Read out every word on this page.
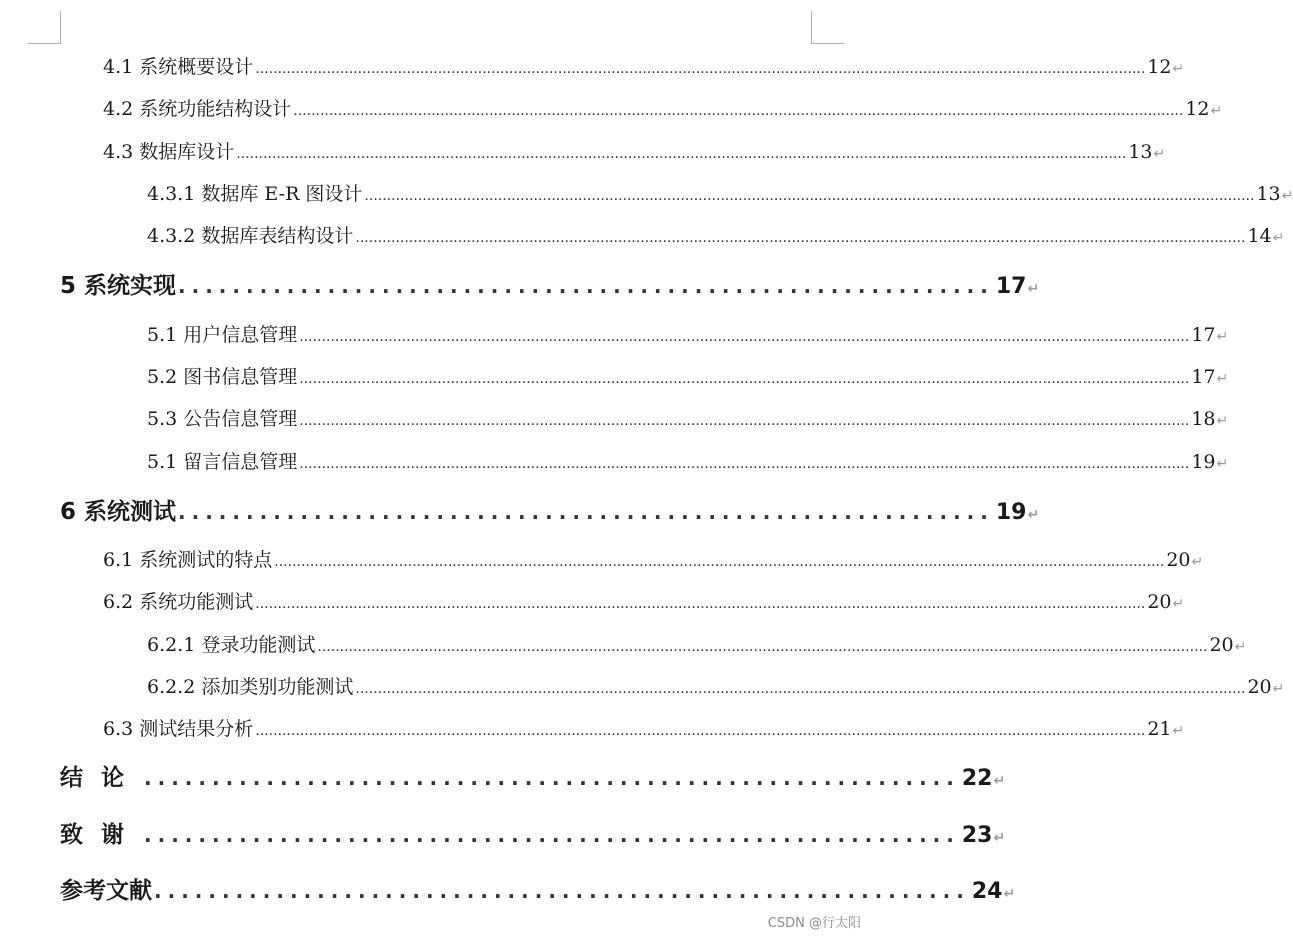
4.1 系统概要设计 ........................................................................................................................................................................................................ 12 ↵
4.2 系统功能结构设计 ........................................................................................................................................................................................................ 12 ↵
4.3 数据库设计 ........................................................................................................................................................................................................ 13 ↵
4.3.1 数据库 E-R 图设计 ........................................................................................................................................................................................................ 13 ↵
4.3.2 数据库表结构设计 ........................................................................................................................................................................................................ 14 ↵
5 系统实现 ............................................................ 17 ↵
5.1 用户信息管理 ........................................................................................................................................................................................................ 17 ↵
5.2 图书信息管理 ........................................................................................................................................................................................................ 17 ↵
5.3 公告信息管理 ........................................................................................................................................................................................................ 18 ↵
5.1 留言信息管理 ........................................................................................................................................................................................................ 19 ↵
6 系统测试 ............................................................ 19 ↵
6.1 系统测试的特点 ........................................................................................................................................................................................................ 20 ↵
6.2 系统功能测试 ........................................................................................................................................................................................................ 20 ↵
6.2.1 登录功能测试 ........................................................................................................................................................................................................ 20 ↵
6.2.2 添加类别功能测试 ........................................................................................................................................................................................................ 20 ↵
6.3 测试结果分析 ........................................................................................................................................................................................................ 21 ↵
结论 ............................................................ 22 ↵
致谢 ............................................................ 23 ↵
参考文献 ............................................................ 24 ↵
CSDN @行太阳
